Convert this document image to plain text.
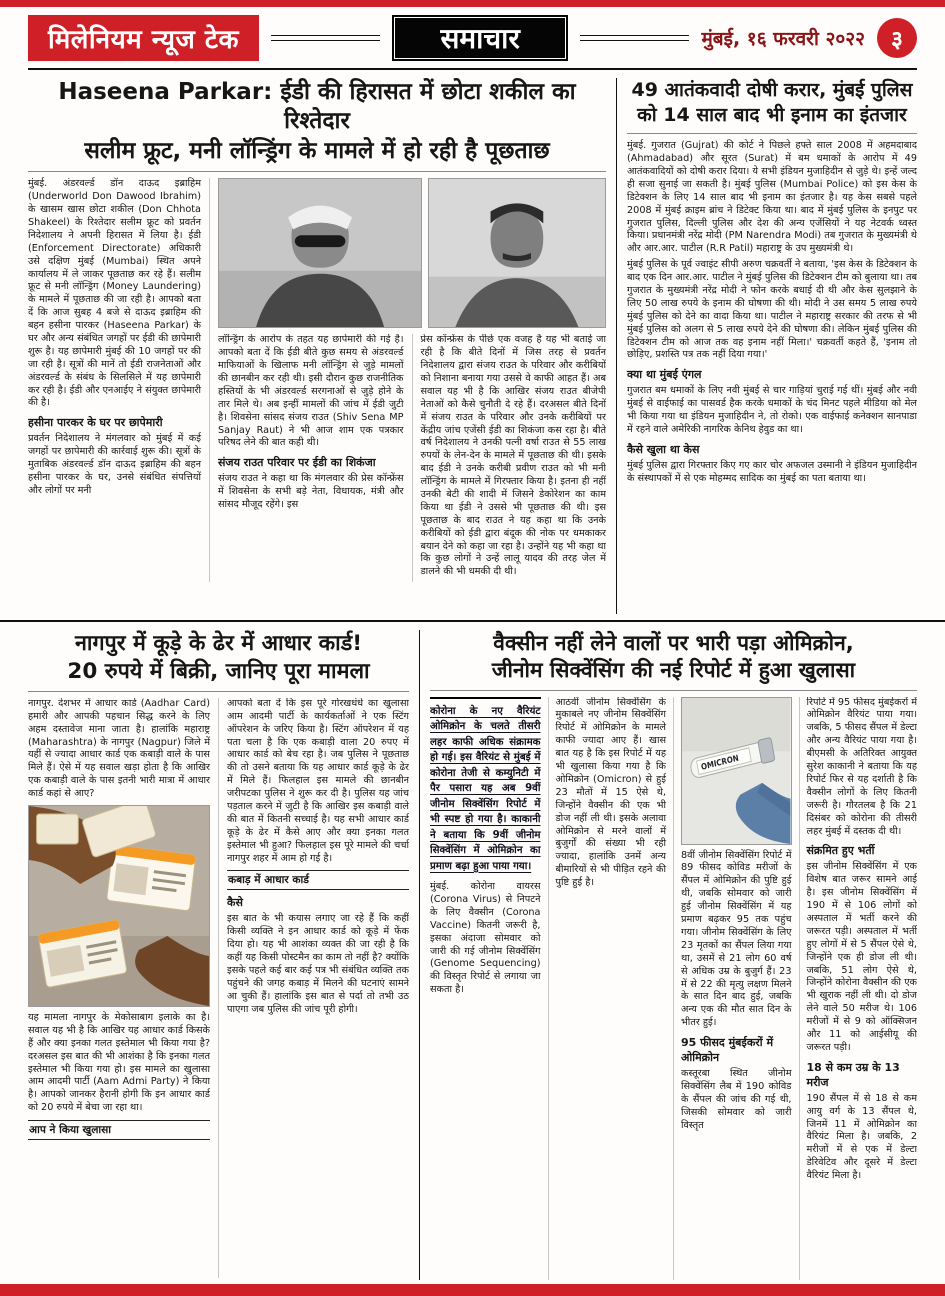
मिलेनियम न्यूज टेक	समाचार	मुंबई, १६ फरवरी २०२२	३
Haseena Parkar: ईडी की हिरासत में छोटा शकील का रिश्तेदार
सलीम फ्रूट, मनी लॉन्ड्रिंग के मामले में हो रही है पूछताछ

मुंबई. अंडरवर्ल्ड डॉन दाऊद इब्राहिम (Underworld Don Dawood Ibrahim) के खासम खास छोटा शकील (Don Chhota Shakeel) के रिश्तेदार सलीम फ्रूट को प्रवर्तन निदेशालय ने अपनी हिरासत में लिया है। ईडी (Enforcement Directorate) अधिकारी उसे दक्षिण मुंबई (Mumbai) स्थित अपने कार्यालय में ले जाकर पूछताछ कर रहे हैं। सलीम फ्रूट से मनी लॉन्ड्रिंग (Money Laundering) के मामले में पूछताछ की जा रही है। आपको बता दें कि आज सुबह 4 बजे से दाऊद इब्राहिम की बहन हसीना पारकर (Haseena Parkar) के घर और अन्य संबंधित जगहों पर ईडी की छापेमारी शुरू है। यह छापेमारी मुंबई की 10 जगहों पर की जा रही है। सूत्रों की मानें तो ईडी राजनेताओं और अंडरवर्ल्ड के संबंध के सिलसिले में यह छापेमारी कर रही है। ईडी और एनआईए ने संयुक्त छापेमारी की है।

हसीना पारकर के घर पर छापेमारी

प्रवर्तन निदेशालय ने मंगलवार को मुंबई में कई जगहों पर छापेमारी की कार्रवाई शुरू की। सूत्रों के मुताबिक अंडरवर्ल्ड डॉन दाऊद इब्राहिम की बहन हसीना पारकर के घर, उनसे संबंधित संपत्तियों और लोगों पर मनी

लॉन्ड्रिंग के आरोप के तहत यह छापेमारी की गई है। आपको बता दें कि ईडी बीते कुछ समय से अंडरवर्ल्ड माफियाओं के खिलाफ मनी लॉन्ड्रिंग से जुड़े मामलों की छानबीन कर रही थी। इसी दौरान कुछ राजनीतिक हस्तियों के भी अंडरवर्ल्ड सरगनाओं से जुड़े होने के तार मिले थे। अब इन्हीं मामलों की जांच में ईडी जुटी है। शिवसेना सांसद संजय राउत (Shiv Sena MP Sanjay Raut) ने भी आज शाम एक पत्रकार परिषद लेने की बात कही थी।

संजय राउत परिवार पर ईडी का शिकंजा

संजय राउत ने कहा था कि मंगलवार की प्रेस कॉन्फ्रेंस में शिवसेना के सभी बड़े नेता, विधायक, मंत्री और सांसद मौजूद रहेंगे। इस

प्रेस कॉन्फ्रेंस के पीछे एक वजह है यह भी बताई जा रही है कि बीते दिनों में जिस तरह से प्रवर्तन निदेशालय द्वारा संजय राउत के परिवार और करीबियों को निशाना बनाया गया उससे वे काफी आहत हैं। अब सवाल यह भी है कि आखिर संजय राउत बीजेपी नेताओं को कैसे चुनौती दे रहे हैं। दरअसल बीते दिनों में संजय राउत के परिवार और उनके करीबियों पर केंद्रीय जांच एजेंसी ईडी का शिकंजा कस रहा है। बीते वर्ष निदेशालय ने उनकी पत्नी वर्षा राउत से 55 लाख रुपयों के लेन-देन के मामले में पूछताछ की थी। इसके बाद ईडी ने उनके करीबी प्रवीण राउत को भी मनी लॉन्ड्रिंग के मामले में गिरफ्तार किया है। इतना ही नहीं उनकी बेटी की शादी में जिसने डेकोरेशन का काम किया था ईडी ने उससे भी पूछताछ की थी। इस पूछताछ के बाद राउत ने यह कहा था कि उनके करीबियों को ईडी द्वारा बंदूक की नोक पर धमकाकर बयान देने को कहा जा रहा है। उन्होंने यह भी कहा था कि कुछ लोगों ने उन्हें लालू यादव की तरह जेल में डालने की भी धमकी दी थी।

49 आतंकवादी दोषी करार, मुंबई पुलिस
को 14 साल बाद भी इनाम का इंतजार

मुंबई. गुजरात (Gujrat) की कोर्ट ने पिछले हफ्ते साल 2008 में अहमदाबाद (Ahmadabad) और सूरत (Surat) में बम धमाकों के आरोप में 49 आतंकवादियों को दोषी करार दिया। ये सभी इंडियन मुजाहिदीन से जुड़े थे। इन्हें जल्द ही सजा सुनाई जा सकती है। मुंबई पुलिस (Mumbai Police) को इस केस के डिटेक्शन के लिए 14 साल बाद भी इनाम का इंतजार है। यह केस सबसे पहले 2008 में मुंबई क्राइम ब्रांच ने डिटेक्ट किया था। बाद में मुंबई पुलिस के इनपुट पर गुजरात पुलिस, दिल्ली पुलिस और देश की अन्य एजेंसियों ने यह नेटवर्क ध्वस्त किया। प्रधानमंत्री नरेंद्र मोदी (PM Narendra Modi) तब गुजरात के मुख्यमंत्री थे और आर.आर. पाटील (R.R Patil) महाराष्ट्र के उप मुख्यमंत्री थे।

मुंबई पुलिस के पूर्व ज्वाइंट सीपी अरुण चक्रवर्ती ने बताया, 'इस केस के डिटेक्शन के बाद एक दिन आर.आर. पाटील ने मुंबई पुलिस की डिटेक्शन टीम को बुलाया था। तब गुजरात के मुख्यमंत्री नरेंद्र मोदी ने फोन करके बधाई दी थी और केस सुलझाने के लिए 50 लाख रुपये के इनाम की घोषणा की थी। मोदी ने उस समय 5 लाख रुपये मुंबई पुलिस को देने का वादा किया था। पाटील ने महाराष्ट्र सरकार की तरफ से भी मुंबई पुलिस को अलग से 5 लाख रुपये देने की घोषणा की। लेकिन मुंबई पुलिस की डिटेक्शन टीम को आज तक वह इनाम नहीं मिला।' चक्रवर्ती कहते हैं, 'इनाम तो छोड़िए, प्रशस्ति पत्र तक नहीं दिया गया।'

क्या था मुंबई एंगल

गुजरात बम धमाकों के लिए नवी मुंबई से चार गाड़ियां चुराई गई थीं। मुंबई और नवी मुंबई से वाईफाई का पासवर्ड हैक करके धमाकों के चंद मिनट पहले मीडिया को मेल भी किया गया था इंडियन मुजाहिदीन ने, तो रोको। एक वाईफाई कनेक्शन सानपाडा में रहने वाले अमेरिकी नागरिक केनिथ हेवुड का था।

कैसे खुला था केस

मुंबई पुलिस द्वारा गिरफ्तार किए गए कार चोर अफजल उस्मानी ने इंडियन मुजाहिदीन के संस्थापकों में से एक मोहम्मद सादिक का मुंबई का पता बताया था।

नागपुर में कूड़े के ढेर में आधार कार्ड!
20 रुपये में बिक्री, जानिए पूरा मामला

नागपुर. देशभर में आधार कार्ड (Aadhar Card) हमारी और आपकी पहचान सिद्ध करने के लिए अहम दस्तावेज माना जाता है। हालांकि महाराष्ट्र (Maharashtra) के नागपुर (Nagpur) जिले में यहीं से ज्यादा आधार कार्ड एक कबाड़ी वाले के पास मिले हैं। ऐसे में यह सवाल खड़ा होता है कि आखिर एक कबाड़ी वाले के पास इतनी भारी मात्रा में आधार कार्ड कहां से आए?

यह मामला नागपुर के मेकोसाबाग इलाके का है। सवाल यह भी है कि आखिर यह आधार कार्ड किसके हैं और क्या इनका गलत इस्तेमाल भी किया गया है? दरअसल इस बात की भी आशंका है कि इनका गलत इस्तेमाल भी किया गया हो। इस मामले का खुलासा आम आदमी पार्टी (Aam Admi Party) ने किया है। आपको जानकर हैरानी होगी कि इन आधार कार्ड को 20 रुपये में बेचा जा रहा था।

आप ने किया खुलासा

आपको बता दें कि इस पूरे गोरखधंधे का खुलासा आम आदमी पार्टी के कार्यकर्ताओं ने एक स्टिंग ऑपरेशन के जरिए किया है। स्टिंग ऑपरेशन में यह पता चला है कि एक कबाड़ी वाला 20 रुपए में आधार कार्ड को बेच रहा है। जब पुलिस ने पूछताछ की तो उसने बताया कि यह आधार कार्ड कूड़े के ढेर में मिले हैं। फिलहाल इस मामले की छानबीन जरीपटका पुलिस ने शुरू कर दी है। पुलिस यह जांच पड़ताल करने में जुटी है कि आखिर इस कबाड़ी वाले की बात में कितनी सच्चाई है। यह सभी आधार कार्ड कूड़े के ढेर में कैसे आए और क्या इनका गलत इस्तेमाल भी हुआ? फिलहाल इस पूरे मामले की चर्चा नागपुर शहर में आम हो गई है।

कबाड़ में आधार कार्ड
कैसे

इस बात के भी कयास लगाए जा रहे हैं कि कहीं किसी व्यक्ति ने इन आधार कार्ड को कूड़े में फेंक दिया हो। यह भी आशंका व्यक्त की जा रही है कि कहीं यह किसी पोस्टमैन का काम तो नहीं है? क्योंकि इसके पहले कई बार कई पत्र भी संबंधित व्यक्ति तक पहुंचने की जगह कबाड़ में मिलने की घटनाएं सामने आ चुकी हैं। हालांकि इस बात से पर्दा तो तभी उठ पाएगा जब पुलिस की जांच पूरी होगी।

वैक्सीन नहीं लेने वालों पर भारी पड़ा ओमिक्रोन,
जीनोम सिक्वेंसिंग की नई रिपोर्ट में हुआ खुलासा

कोरोना के नए वैरियंट ओमिक्रोन के चलते तीसरी लहर काफी अधिक संक्रामक हो गई। इस वैरियंट से मुंबई में कोरोना तेजी से कम्युनिटी में पैर पसारा यह अब 9वीं जीनोम सिक्वेंसिंग रिपोर्ट में भी स्पष्ट हो गया है। काकानी ने बताया कि 9वीं जीनोम सिक्वेंसिंग में ओमिक्रोन का प्रमाण बढ़ा हुआ पाया गया।

मुंबई. कोरोना वायरस (Corona Virus) से निपटने के लिए वैक्सीन (Corona Vaccine) कितनी जरूरी है, इसका अंदाजा सोमवार को जारी की गई जीनोम सिक्वेंसिंग (Genome Sequencing) की विस्तृत रिपोर्ट से लगाया जा सकता है।

आठवीं जीनोम सिक्वेंसिंग के मुकाबले नए जीनोम सिक्वेंसिंग रिपोर्ट में ओमिक्रोन के मामले काफी ज्यादा आए हैं। खास बात यह है कि इस रिपोर्ट में यह भी खुलासा किया गया है कि ओमिक्रोन (Omicron) से हुई 23 मौतों में 15 ऐसे थे, जिन्होंने वैक्सीन की एक भी डोज नहीं ली थी। इसके अलावा ओमिक्रोन से मरने वालों में बुजुर्गों की संख्या भी रही ज्यादा, हालांकि उनमें अन्य बीमारियों से भी पीड़ित रहने की पुष्टि हुई है।

OMICRON

8वीं जीनोम सिक्वेंसिंग रिपोर्ट में 89 फीसद कोविड मरीजों के सैंपल में ओमिक्रोन की पुष्टि हुई थी, जबकि सोमवार को जारी हुई जीनोम सिक्वेंसिंग में यह प्रमाण बढ़कर 95 तक पहुंच गया। जीनोम सिक्वेंसिंग के लिए 23 मृतकों का सैंपल लिया गया था, उसमें से 21 लोग 60 वर्ष से अधिक उम्र के बुजुर्ग हैं। 23 में से 22 की मृत्यु लक्षण मिलने के सात दिन बाद हुई, जबकि अन्य एक की मौत सात दिन के भीतर हुई।

95 फीसद मुंबईकरों में ओमिक्रोन

कस्तूरबा स्थित जीनोम सिक्वेंसिंग लैब में 190 कोविड के सैंपल की जांच की गई थी, जिसकी सोमवार को जारी विस्तृत

रिपोर्ट में 95 फीसद मुंबईकरों में ओमिक्रोन वैरियंट पाया गया। जबकि, 5 फीसद सैंपल में डेल्टा और अन्य वैरियंट पाया गया है। बीएमसी के अतिरिक्त आयुक्त सुरेश काकानी ने बताया कि यह रिपोर्ट फिर से यह दर्शाती है कि वैक्सीन लोगों के लिए कितनी जरूरी है। गौरतलब है कि 21 दिसंबर को कोरोना की तीसरी लहर मुंबई में दस्तक दी थी।

संक्रमित हुए भर्ती

इस जीनोम सिक्वेंसिंग में एक विशेष बात जरूर सामने आई है। इस जीनोम सिक्वेंसिंग में 190 में से 106 लोगों को अस्पताल में भर्ती करने की जरूरत पड़ी। अस्पताल में भर्ती हुए लोगों में से 5 सैंपल ऐसे थे, जिन्होंने एक ही डोज ली थी। जबकि, 51 लोग ऐसे थे, जिन्होंने कोरोना वैक्सीन की एक भी खुराक नहीं ली थी। दो डोज लेने वाले 50 मरीज थे। 106 मरीजों में से 9 को ऑक्सिजन और 11 को आईसीयू की जरूरत पड़ी।

18 से कम उम्र के 13 मरीज

190 सैंपल में से 18 से कम आयु वर्ग के 13 सैंपल थे, जिनमें 11 में ओमिक्रोन का वैरियंट मिला है। जबकि, 2 मरीजों में से एक में डेल्टा डेरिवेटिव और दूसरे में डेल्टा वैरियंट मिला है।
